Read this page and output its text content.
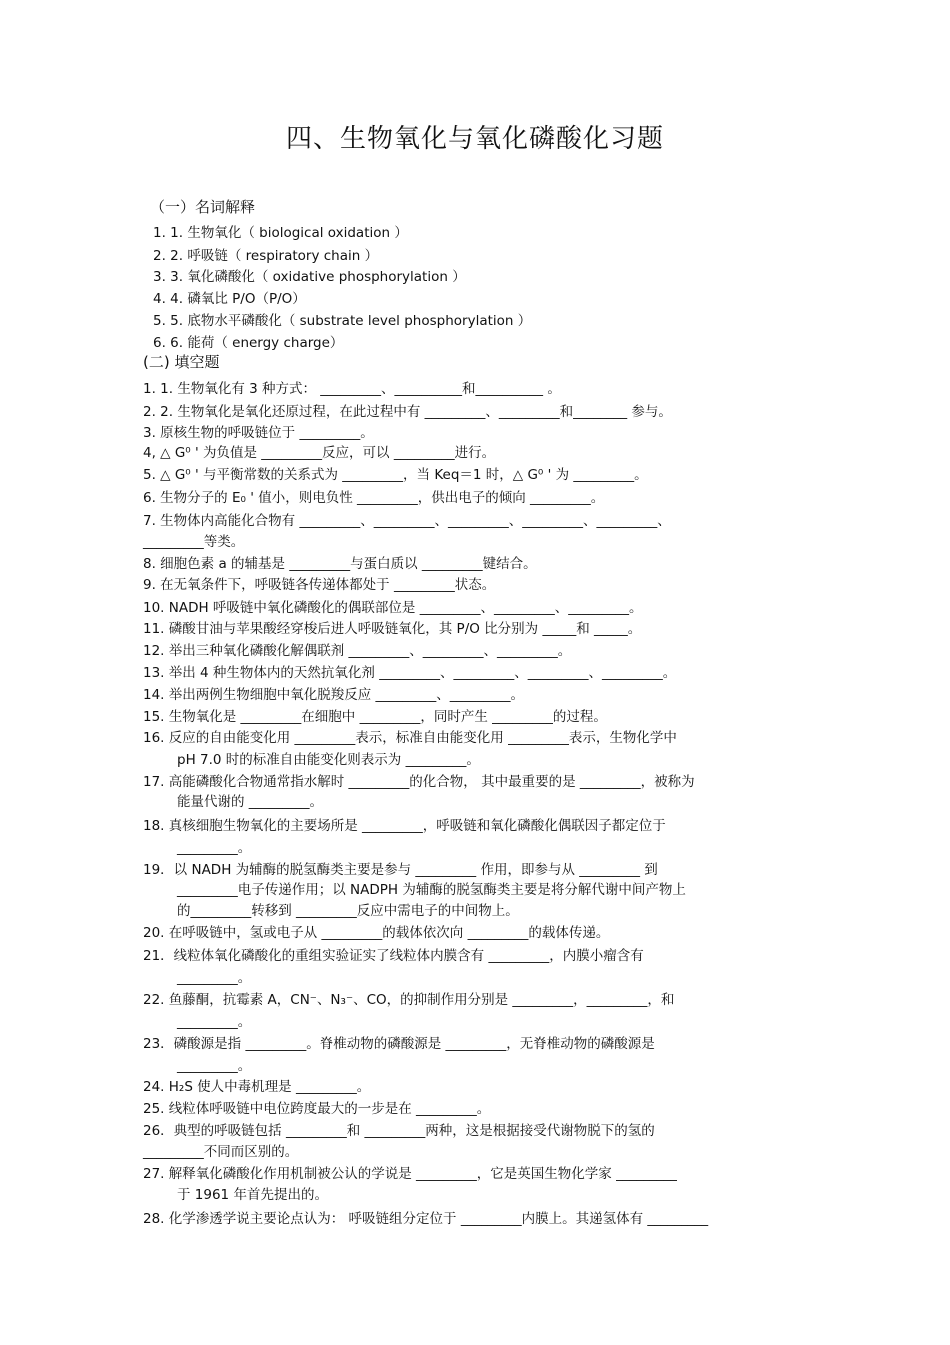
四、生物氧化与氧化磷酸化习题
（一）名词解释
1. 1. 生物氧化（ biological oxidation ）
2. 2. 呼吸链（ respiratory chain ）
3. 3. 氧化磷酸化（ oxidative phosphorylation ）
4. 4. 磷氧比 P/O（P/O）
5. 5. 底物水平磷酸化（ substrate level phosphorylation ）
6. 6. 能荷（ energy charge）
(二) 填空题
1. 1. 生物氧化有 3 种方式： _________、__________和__________ 。
2. 2. 生物氧化是氧化还原过程，在此过程中有 _________、_________和________ 参与。
3. 原核生物的呼吸链位于 _________。
4, △ G⁰ ' 为负值是 _________反应，可以 _________进行。
5. △ G⁰ ' 与平衡常数的关系式为 _________，当 Keq＝1 时，△ G⁰ ' 为 _________。
6. 生物分子的 E₀ ' 值小，则电负性 _________，供出电子的倾向 _________。
7. 生物体内高能化合物有 _________、_________、_________、_________、_________、
_________等类。
8. 细胞色素 a 的辅基是 _________与蛋白质以 _________键结合。
9. 在无氧条件下，呼吸链各传递体都处于 _________状态。
10. NADH 呼吸链中氧化磷酸化的偶联部位是 _________、_________、_________。
11. 磷酸甘油与苹果酸经穿梭后进人呼吸链氧化，其 P/O 比分别为 _____和 _____。
12. 举出三种氧化磷酸化解偶联剂 _________、_________、_________。
13. 举出 4 种生物体内的天然抗氧化剂 _________、_________、_________、_________。
14. 举出两例生物细胞中氧化脱羧反应 _________、_________。
15. 生物氧化是 _________在细胞中 _________，同时产生 _________的过程。
16. 反应的自由能变化用 _________表示，标准自由能变化用 _________表示，生物化学中
pH 7.0 时的标准自由能变化则表示为 _________。
17. 高能磷酸化合物通常指水解时 _________的化合物， 其中最重要的是 _________，被称为
能量代谢的 _________。
18. 真核细胞生物氧化的主要场所是 _________，呼吸链和氧化磷酸化偶联因子都定位于
_________。
19．以 NADH 为辅酶的脱氢酶类主要是参与 _________ 作用，即参与从 _________ 到
_________电子传递作用；以 NADPH 为辅酶的脱氢酶类主要是将分解代谢中间产物上
的_________转移到 _________反应中需电子的中间物上。
20. 在呼吸链中，氢或电子从 _________的载体依次向 _________的载体传递。
21．线粒体氧化磷酸化的重组实验证实了线粒体内膜含有 _________，内膜小瘤含有
_________。
22. 鱼藤酮，抗霉素 A，CN⁻、N₃⁻、CO，的抑制作用分别是 _________，_________，和
_________。
23．磷酸源是指 _________。脊椎动物的磷酸源是 _________，无脊椎动物的磷酸源是
_________。
24. H₂S 使人中毒机理是 _________。
25. 线粒体呼吸链中电位跨度最大的一步是在 _________。
26．典型的呼吸链包括 _________和 _________两种，这是根据接受代谢物脱下的氢的
_________不同而区别的。
27. 解释氧化磷酸化作用机制被公认的学说是 _________，它是英国生物化学家 _________
于 1961 年首先提出的。
28. 化学渗透学说主要论点认为： 呼吸链组分定位于 _________内膜上。其递氢体有 _________
